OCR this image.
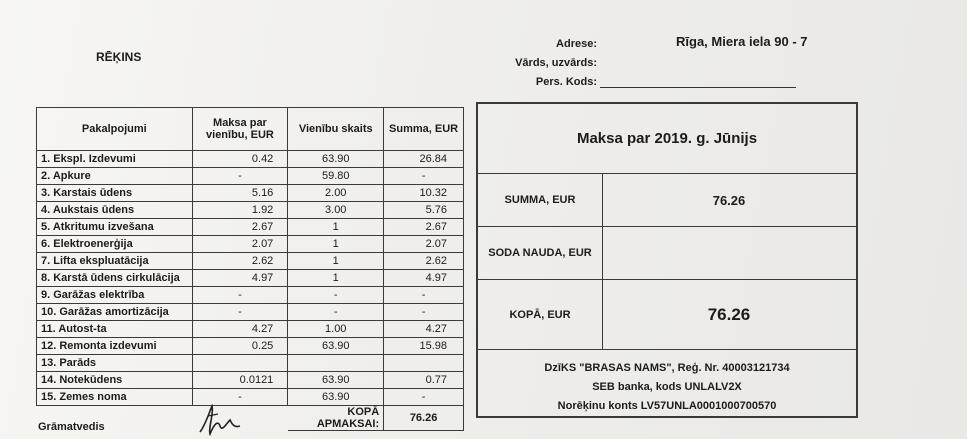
RĒĶINS
Adrese:	Rīga, Miera iela 90 - 7
Vārds, uzvārds:
Pers. Kods:
Pakalpojumi	Maksa par vienību, EUR	Vienību skaits	Summa, EUR
1. Ekspl. Izdevumi	0.42	63.90	26.84
2. Apkure	-	59.80	-
3. Karstais ūdens	5.16	2.00	10.32
4. Aukstais ūdens	1.92	3.00	5.76
5. Atkritumu izvešana	2.67	1	2.67
6. Elektroenerģija	2.07	1	2.07
7. Lifta ekspluatācija	2.62	1	2.62
8. Karstā ūdens cirkulācija	4.97	1	4.97
9. Garāžas elektrība	-	-	-
10. Garāžas amortizācija	-	-	-
11. Autost-ta	4.27	1.00	4.27
12. Remonta izdevumi	0.25	63.90	15.98
13. Parāds			
14. Notekūdens	0.0121	63.90	0.77
15. Zemes noma	-	63.90	-
		KOPĀ APMAKSAI:	76.26
Maksa par 2019. g. Jūnijs
SUMMA, EUR	76.26
SODA NAUDA, EUR
KOPĀ, EUR	76.26
DzīKS "BRASAS NAMS", Reģ. Nr. 40003121734
SEB banka, kods UNLALV2X
Norēķinu konts LV57UNLA0001000700570
Grāmatvedis
